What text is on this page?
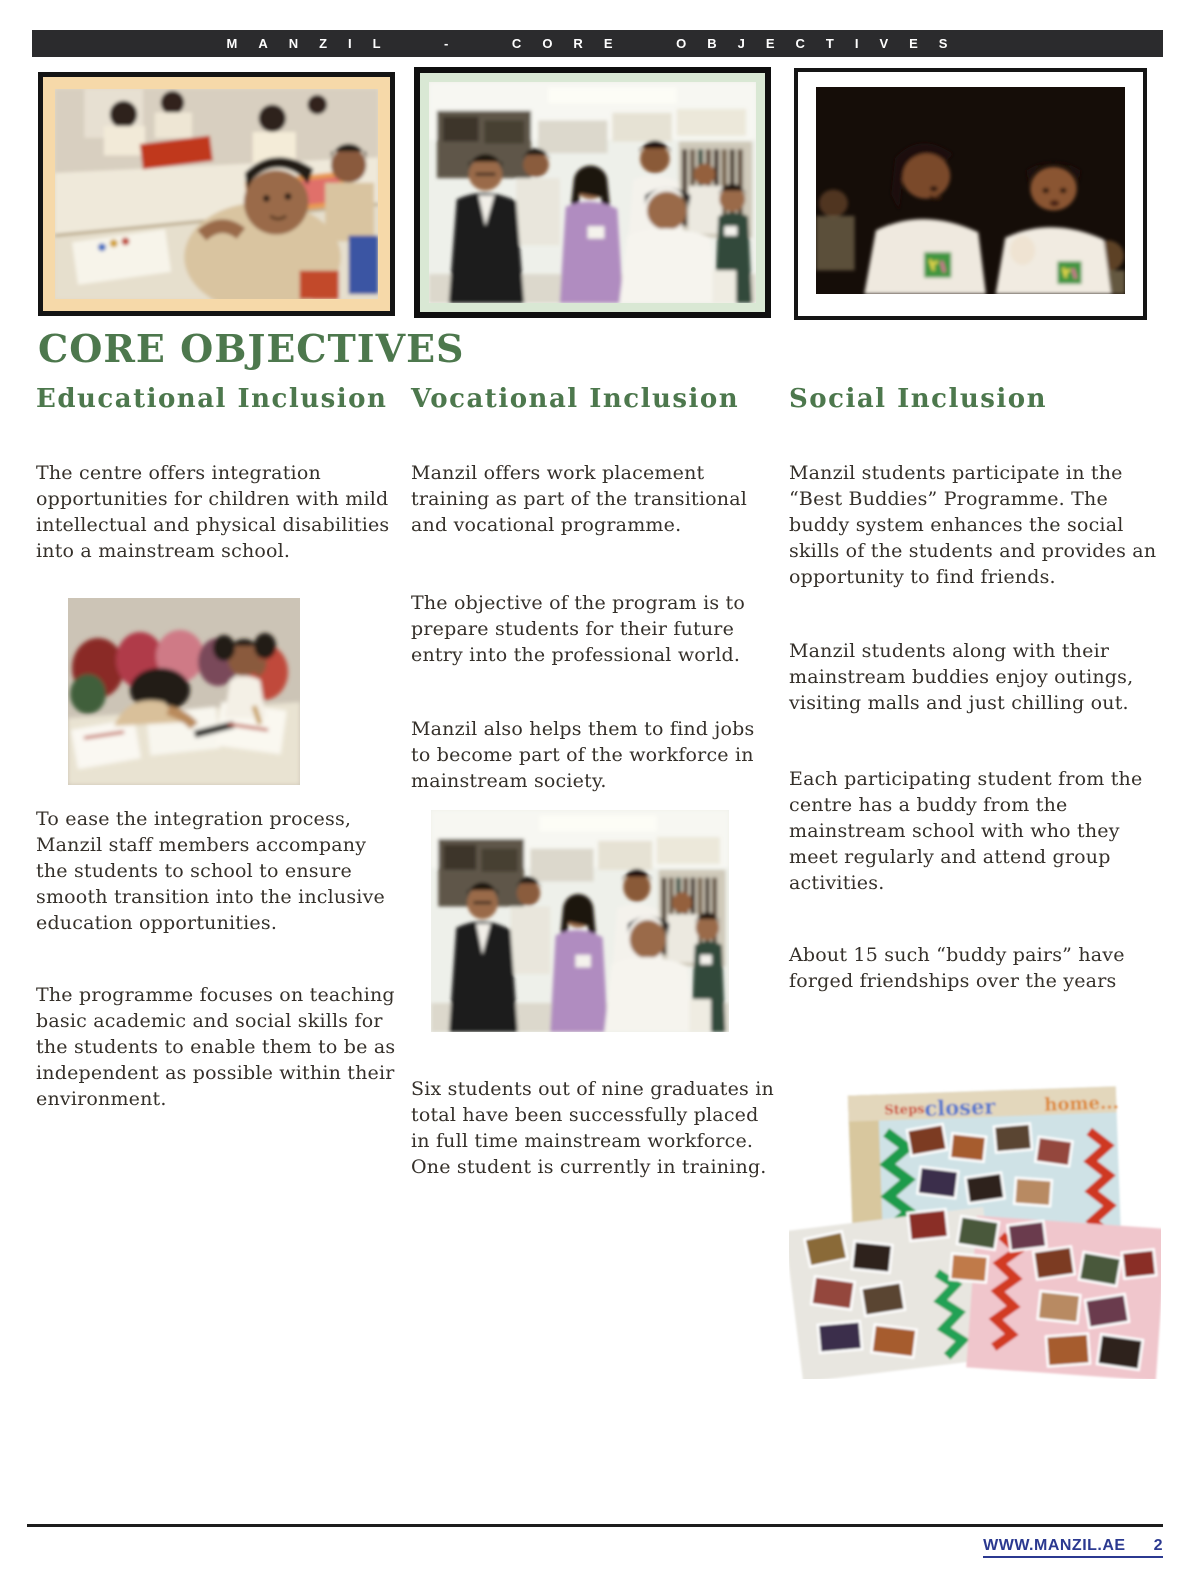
MANZIL - CORE OBJECTIVES
CORE OBJECTIVES
Educational Inclusion

The centre offers integration opportunities for children with mild intellectual and physical disabilities into a mainstream school.

To ease the integration process, Manzil staff members accompany the students to school to ensure smooth transition into the inclusive education opportunities.

The programme focuses on teaching basic academic and social skills for the students to enable them to be as independent as possible within their environment.

Vocational Inclusion

Manzil offers work placement training as part of the transitional and vocational programme.

The objective of the program is to prepare students for their future entry into the professional world.

Manzil also helps them to find jobs to become part of the workforce in mainstream society.

Six students out of nine graduates in total have been successfully placed in full time mainstream workforce. One student is currently in training.

Social Inclusion

Manzil students participate in the “Best Buddies” Programme. The buddy system enhances the social skills of the students and provides an opportunity to find friends.

Manzil students along with their mainstream buddies enjoy outings, visiting malls and just chilling out.

Each participating student from the centre has a buddy from the mainstream school with who they meet regularly and attend group activities.

About 15 such “buddy pairs” have forged friendships over the years

Steps closer	home...
WWW.MANZIL.AE 2
